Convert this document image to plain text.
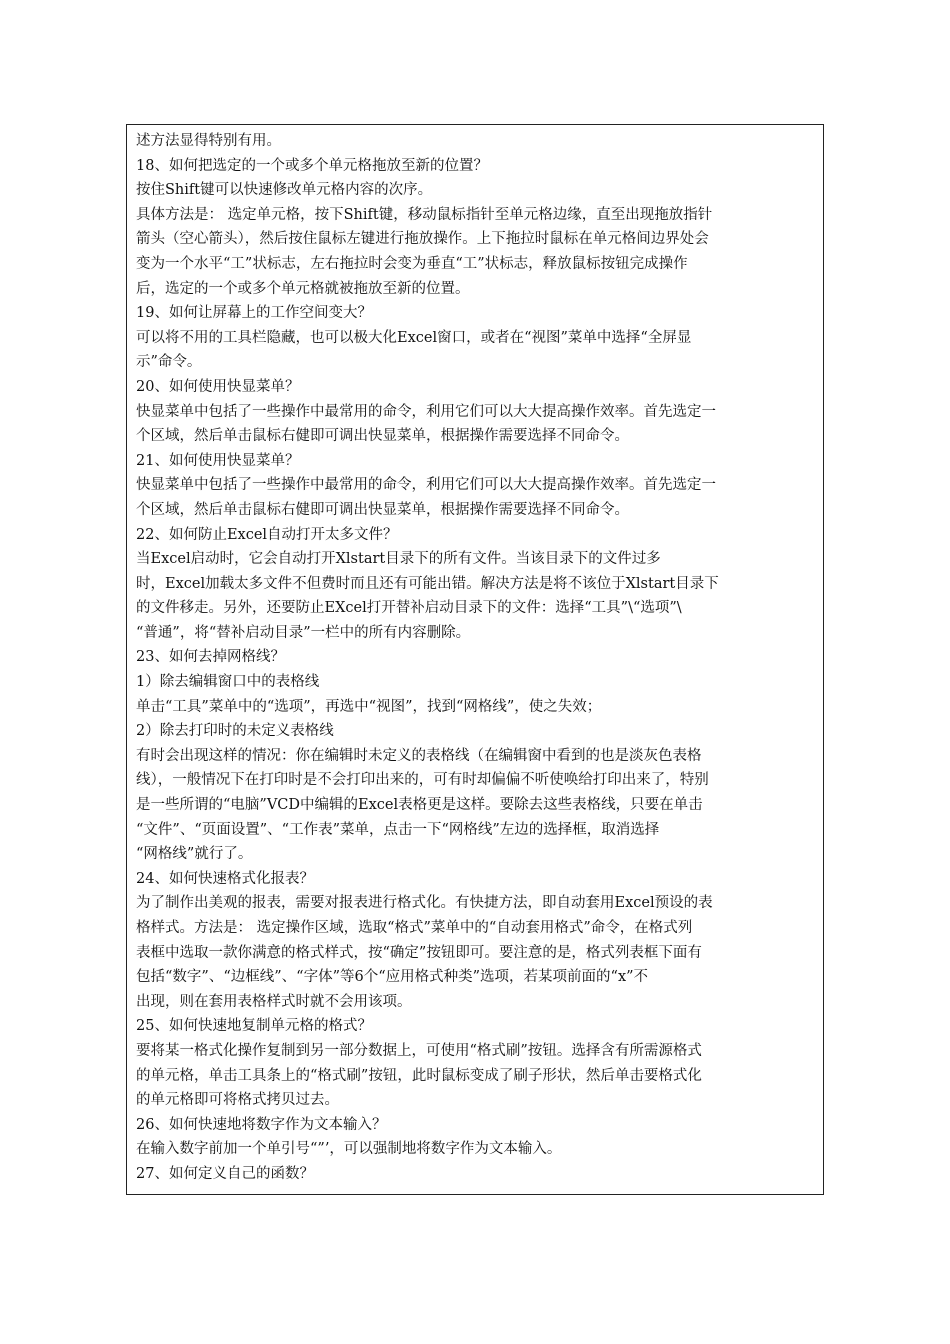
述方法显得特别有用。

18、如何把选定的一个或多个单元格拖放至新的位置？

按住Shift键可以快速修改单元格内容的次序。

具体方法是： 选定单元格，按下Shift键，移动鼠标指针至单元格边缘，直至出现拖放指针

箭头（空心箭头），然后按住鼠标左键进行拖放操作。上下拖拉时鼠标在单元格间边界处会

变为一个水平“工”状标志，左右拖拉时会变为垂直“工”状标志，释放鼠标按钮完成操作

后，选定的一个或多个单元格就被拖放至新的位置。

19、如何让屏幕上的工作空间变大？

可以将不用的工具栏隐藏，也可以极大化Excel窗口，或者在“视图”菜单中选择“全屏显

示”命令。

20、如何使用快显菜单？

快显菜单中包括了一些操作中最常用的命令，利用它们可以大大提高操作效率。首先选定一

个区域，然后单击鼠标右健即可调出快显菜单，根据操作需要选择不同命令。

21、如何使用快显菜单？

快显菜单中包括了一些操作中最常用的命令，利用它们可以大大提高操作效率。首先选定一

个区域，然后单击鼠标右健即可调出快显菜单，根据操作需要选择不同命令。

22、如何防止Excel自动打开太多文件？

当Excel启动时，它会自动打开Xlstart目录下的所有文件。当该目录下的文件过多

时，Excel加载太多文件不但费时而且还有可能出错。解决方法是将不该位于Xlstart目录下

的文件移走。另外，还要防止EXcel打开替补启动目录下的文件：选择“工具”\“选项”\

“普通”，将“替补启动目录”一栏中的所有内容删除。

23、如何去掉网格线？

1）除去编辑窗口中的表格线

单击“工具”菜单中的“选项”，再选中“视图”，找到“网格线”，使之失效；

2）除去打印时的未定义表格线

有时会出现这样的情况：你在编辑时未定义的表格线（在编辑窗中看到的也是淡灰色表格

线），一般情况下在打印时是不会打印出来的，可有时却偏偏不听使唤给打印出来了，特别

是一些所谓的“电脑”VCD中编辑的Excel表格更是这样。要除去这些表格线，只要在单击

“文件”、“页面设置”、“工作表”菜单，点击一下“网格线”左边的选择框，取消选择

“网格线”就行了。

24、如何快速格式化报表？

为了制作出美观的报表，需要对报表进行格式化。有快捷方法，即自动套用Excel预设的表

格样式。方法是： 选定操作区域，选取“格式”菜单中的“自动套用格式”命令，在格式列

表框中选取一款你满意的格式样式，按“确定”按钮即可。要注意的是，格式列表框下面有

包括“数字”、“边框线”、“字体”等6个“应用格式种类”选项，若某项前面的“x”不

出现，则在套用表格样式时就不会用该项。

25、如何快速地复制单元格的格式？

要将某一格式化操作复制到另一部分数据上，可使用“格式刷”按钮。选择含有所需源格式

的单元格，单击工具条上的“格式刷”按钮，此时鼠标变成了刷子形状，然后单击要格式化

的单元格即可将格式拷贝过去。

26、如何快速地将数字作为文本输入？

在输入数字前加一个单引号“”’，可以强制地将数字作为文本输入。

27、如何定义自己的函数？
